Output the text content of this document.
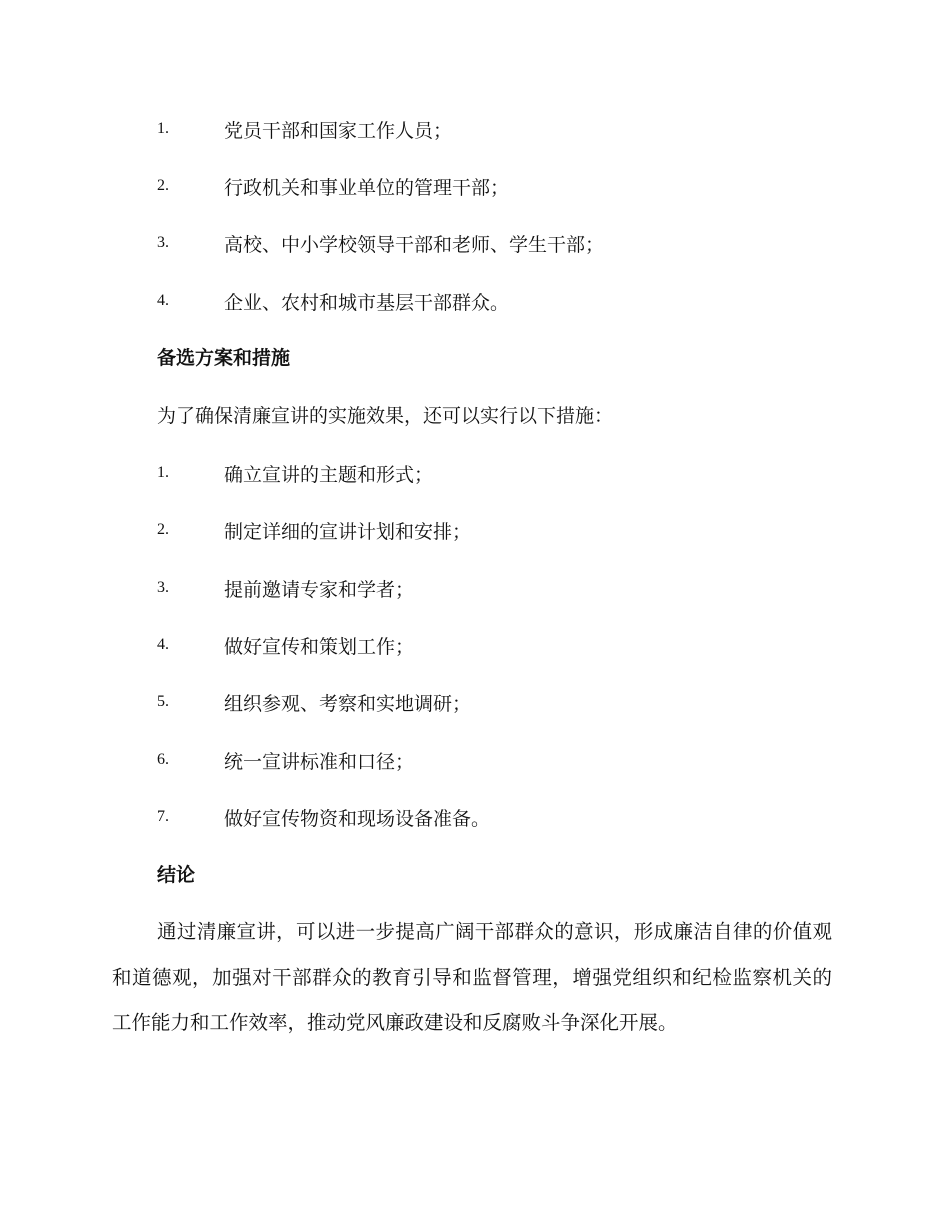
1.	党员干部和国家工作人员；
2.	行政机关和事业单位的管理干部；
3.	高校、中小学校领导干部和老师、学生干部；
4.	企业、农村和城市基层干部群众。
备选方案和措施
为了确保清廉宣讲的实施效果，还可以实行以下措施：
1.	确立宣讲的主题和形式；
2.	制定详细的宣讲计划和安排；
3.	提前邀请专家和学者；
4.	做好宣传和策划工作；
5.	组织参观、考察和实地调研；
6.	统一宣讲标准和口径；
7.	做好宣传物资和现场设备准备。
结论
通过清廉宣讲，可以进一步提高广阔干部群众的意识，形成廉洁自律的价值观和道德观，加强对干部群众的教育引导和监督管理，增强党组织和纪检监察机关的工作能力和工作效率，推动党风廉政建设和反腐败斗争深化开展。
